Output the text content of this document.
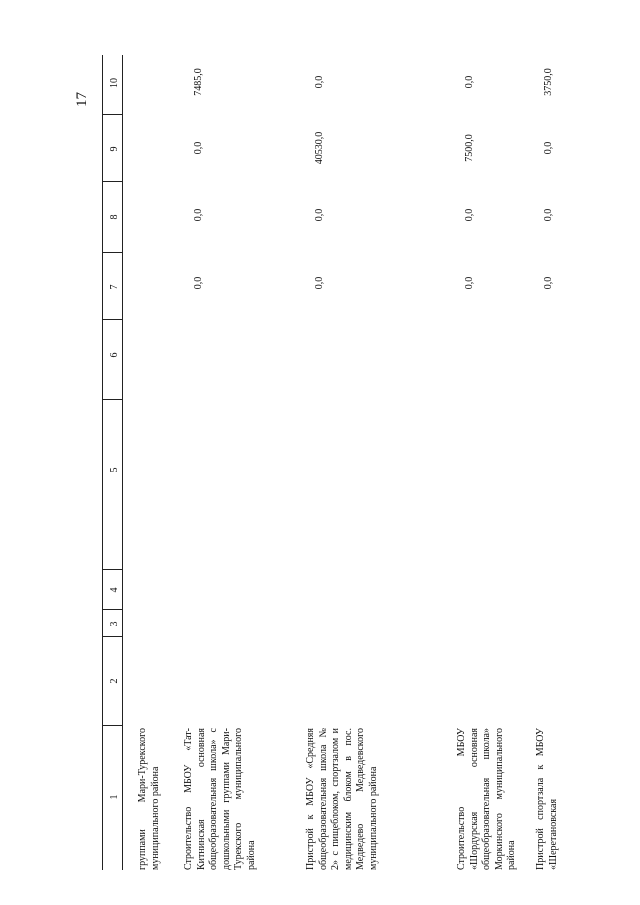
17
1
2
3
4
5
6
7
8
9
10
группами Мари-Турекского муниципального района Строительство МБОУ «Тат-Китнинская основная общеобразовательная школа» с дошкольными группами Мари-Турекского муниципального района
0,0
0,0
0,0
7485,0
Пристрой к МБОУ «Средняя общеобразовательная школа № 2» с пищеблоком, спортзалом и медицинским блоком в пос. Медведево Медведевского муниципального района
0,0
0,0
40530,0
0,0
Строительство МБОУ «Шордурская основная общеобразовательная школа» Моркинского муниципального района
0,0
0,0
7500,0
0,0
Пристрой спортзала к МБОУ «Шеретановская
0,0
0,0
0,0
3750,0
